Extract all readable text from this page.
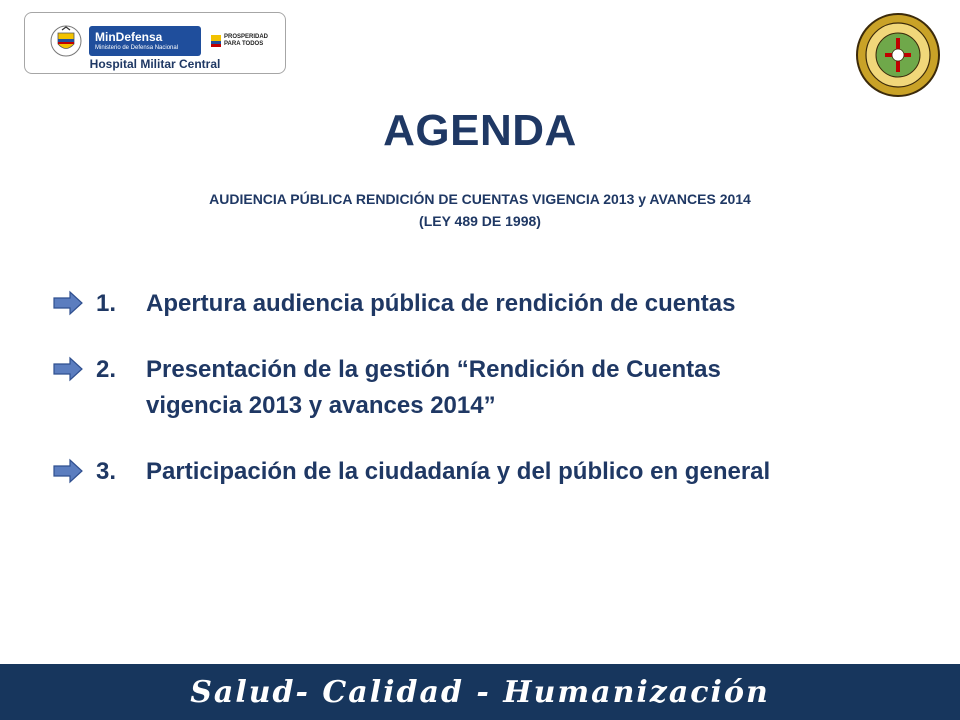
MinDefensa
Ministerio de Defensa Nacional
PROSPERIDAD
PARA TODOS
Hospital Militar Central
AGENDA
AUDIENCIA PÚBLICA RENDICIÓN DE CUENTAS VIGENCIA 2013 y AVANCES 2014
(LEY 489 DE 1998)
1.	Apertura audiencia pública de rendición de cuentas
2.	Presentación de la gestión “Rendición de Cuentas
vigencia 2013 y avances 2014”
3.	Participación de la ciudadanía y del público en general
Salud- Calidad - Humanización
